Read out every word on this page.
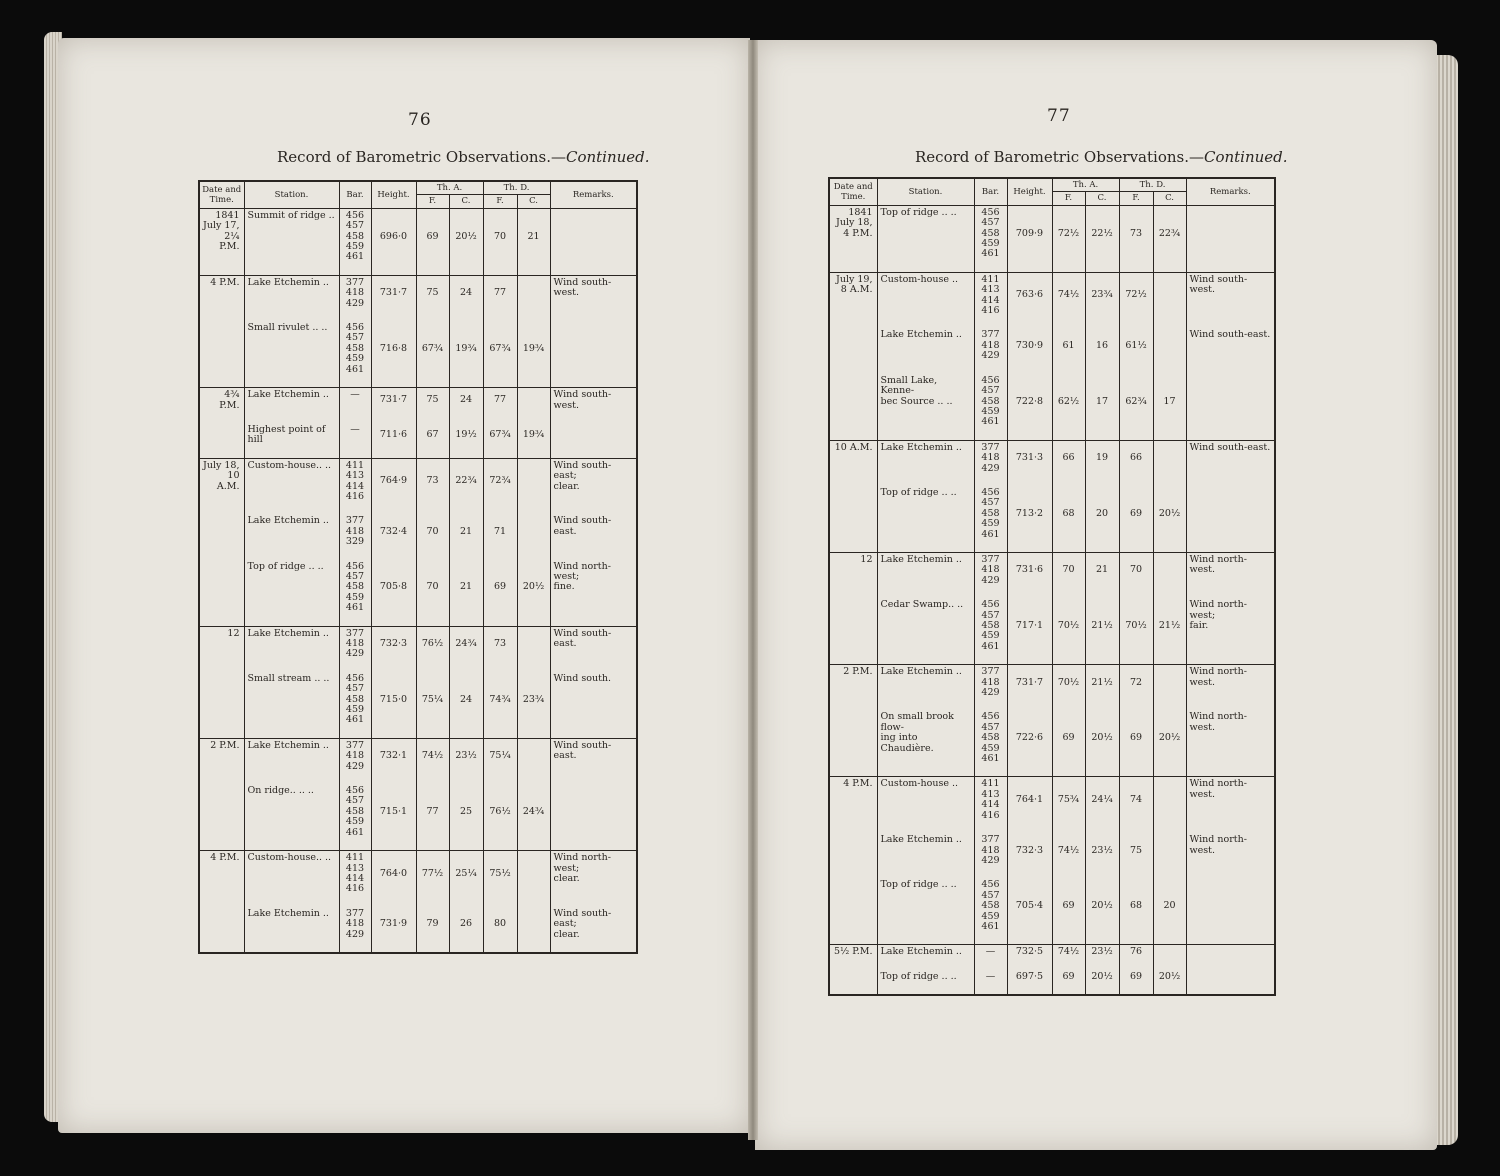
76
Record of Barometric Observations.—Continued.
Date and Time.	Station.	Bar.	Height.	Th. A.		Th. D.		Remarks.
				F.	C.	F.	C.	
1841
July 17,
2¼ P.M.	Summit of ridge ..	456
457
458
459
461	696·0	69	20½	70	21	

4 P.M.	Lake Etchemin ..	377
418
429	731·7	75	24	77		Wind south-west.

	Small rivulet .. ..	456
457
458
459
461	716·8	67¾	19¾	67¾	19¾	

4¾ P.M.	Lake Etchemin ..	—	731·7	75	24	77		Wind south-west.

	Highest point of hill	—	711·6	67	19½	67¾	19¾	

July 18,
10 A.M.	Custom-house.. ..	411
413
414
416	764·9	73	22¾	72¾		Wind south-east;
clear.

	Lake Etchemin ..	377
418
329	732·4	70	21	71		Wind south-east.

	Top of ridge .. ..	456
457
458
459
461	705·8	70	21	69	20½	Wind north-west;
fine.

12	Lake Etchemin ..	377
418
429	732·3	76½	24¾	73		Wind south-east.

	Small stream .. ..	456
457
458
459
461	715·0	75¼	24	74¾	23¾	Wind south.

2 P.M.	Lake Etchemin ..	377
418
429	732·1	74½	23½	75¼		Wind south-east.

	On ridge.. .. ..	456
457
458
459
461	715·1	77	25	76½	24¾	

4 P.M.	Custom-house.. ..	411
413
414
416	764·0	77½	25¼	75½		Wind north-west;
clear.

	Lake Etchemin ..	377
418
429	731·9	79	26	80		Wind south-east;
clear.

77
Record of Barometric Observations.—Continued.
Date and Time.	Station.	Bar.	Height.	Th. A.		Th. D.		Remarks.
				F.	C.	F.	C.	
1841
July 18,
4 P.M.	Top of ridge .. ..	456
457
458
459
461	709·9	72½	22½	73	22¾	

July 19,
8 A.M.	Custom-house ..	411
413
414
416	763·6	74½	23¾	72½		Wind south-west.

	Lake Etchemin ..	377
418
429	730·9	61	16	61½		Wind south-east.

	Small Lake, Kenne-
bec Source .. ..	456
457
458
459
461	722·8	62½	17	62¾	17	

10 A.M.	Lake Etchemin ..	377
418
429	731·3	66	19	66		Wind south-east.

	Top of ridge .. ..	456
457
458
459
461	713·2	68	20	69	20½	

12	Lake Etchemin ..	377
418
429	731·6	70	21	70		Wind north-west.

	Cedar Swamp.. ..	456
457
458
459
461	717·1	70½	21½	70½	21½	Wind north-west;
fair.

2 P.M.	Lake Etchemin ..	377
418
429	731·7	70½	21½	72		Wind north-west.

	On small brook flow-
ing into Chaudière.	456
457
458
459
461	722·6	69	20½	69	20½	Wind north-west.

4 P.M.	Custom-house ..	411
413
414
416	764·1	75¾	24¼	74		Wind north-west.

	Lake Etchemin ..	377
418
429	732·3	74½	23½	75		Wind north-west.

	Top of ridge .. ..	456
457
458
459
461	705·4	69	20½	68	20	

5½ P.M.	Lake Etchemin ..	—	732·5	74½	23½	76		

	Top of ridge .. ..	—	697·5	69	20½	69	20½	
